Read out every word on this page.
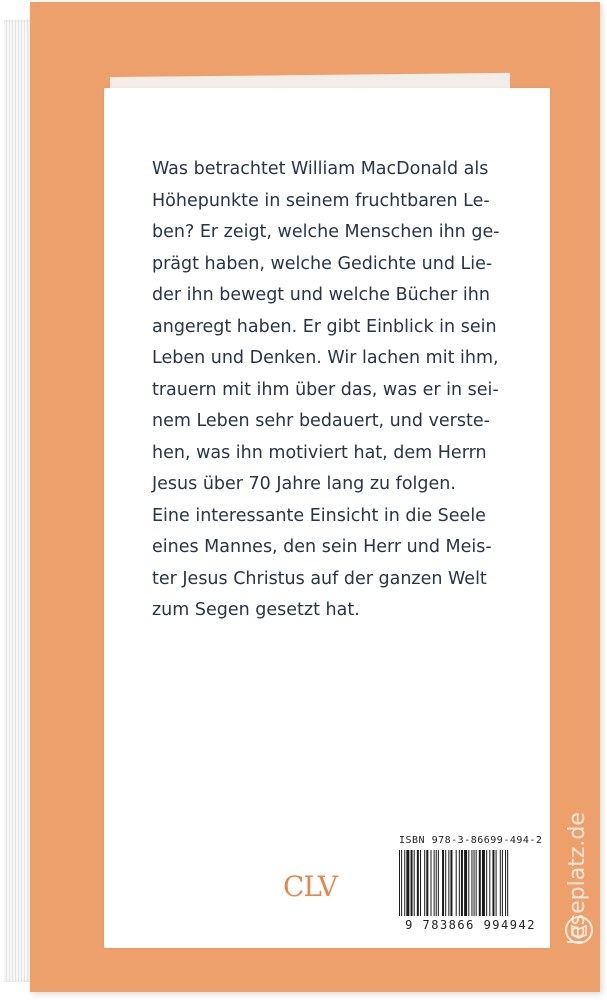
Was betrachtet William MacDonald als
Höhepunkte in seinem fruchtbaren Le-
ben? Er zeigt, welche Menschen ihn ge-
prägt haben, welche Gedichte und Lie-
der ihn bewegt und welche Bücher ihn
angeregt haben. Er gibt Einblick in sein
Leben und Denken. Wir lachen mit ihm,
trauern mit ihm über das, was er in sei-
nem Leben sehr bedauert, und verste-
hen, was ihn motiviert hat, dem Herrn
Jesus über 70 Jahre lang zu folgen.

Eine interessante Einsicht in die Seele
eines Mannes, den sein Herr und Meis-
ter Jesus Christus auf der ganzen Welt
zum Segen gesetzt hat.

CLV
ISBN 978-3-86699-494-2
9 783866 994942	leseplatz.de
